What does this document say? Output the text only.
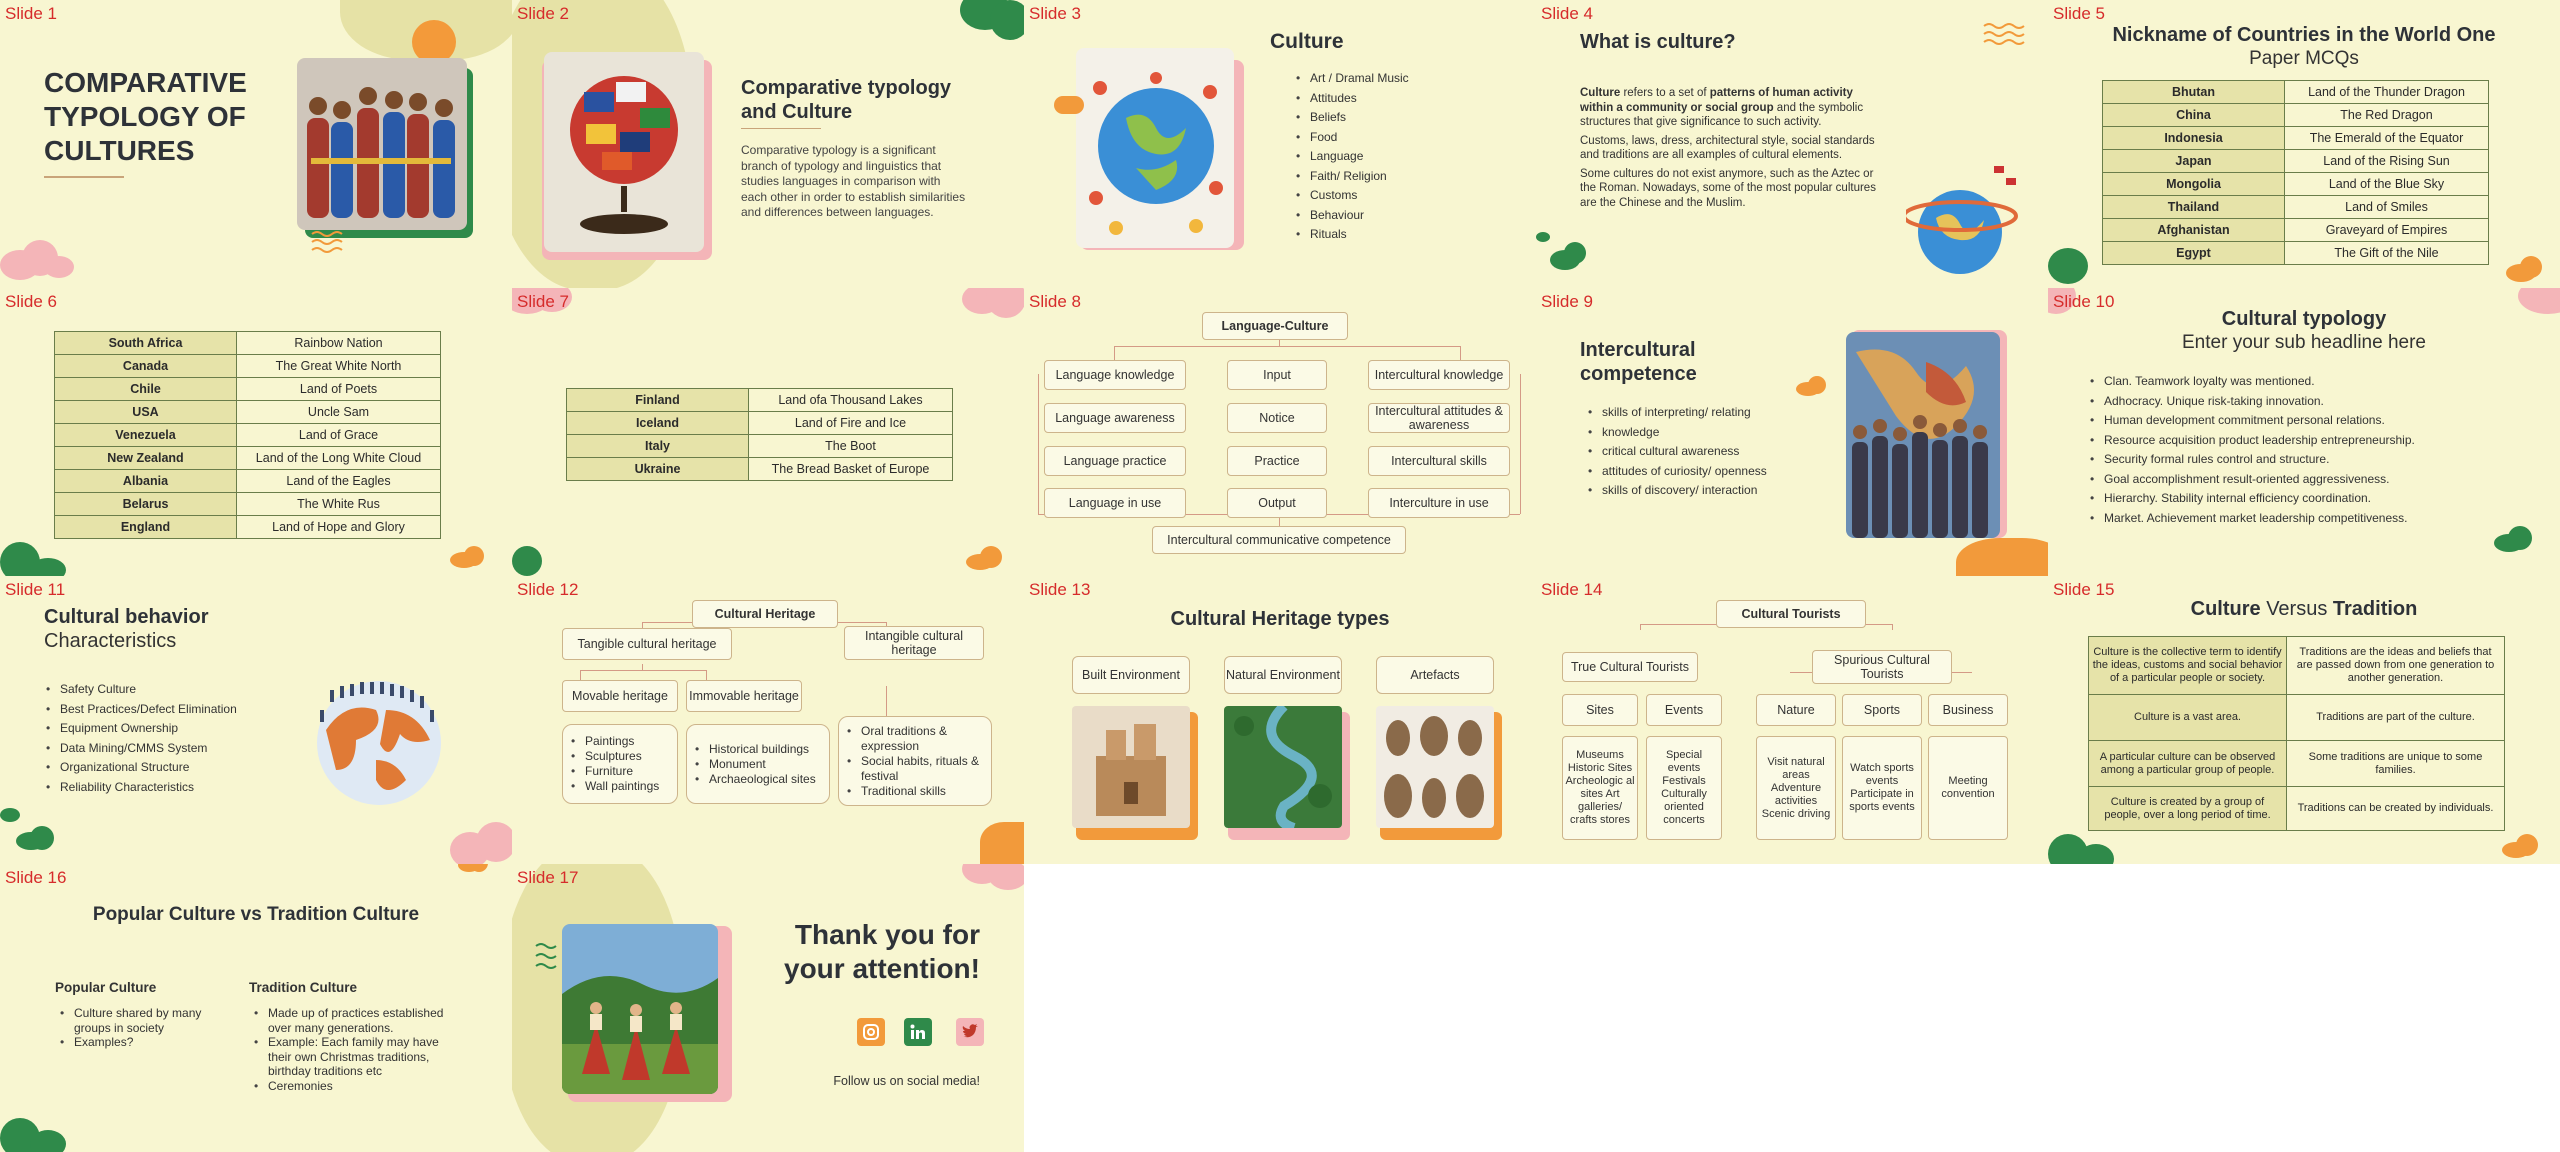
Slide 1
COMPARATIVE
TYPOLOGY OF
CULTURES
Slide 2
Comparative typology
and Culture
Comparative typology is a significant branch of typology and linguistics that studies languages in comparison with each other in order to establish similarities and differences between languages.
Slide 3
Culture
• Art / Dramal Music
• Attitudes
• Beliefs
• Food
• Language
• Faith/ Religion
• Customs
• Behaviour
• Rituals
Slide 4
What is culture?

Culture refers to a set of patterns of human activity within a community or social group and the symbolic structures that give significance to such activity.

Customs, laws, dress, architectural style, social standards and traditions are all examples of cultural elements.

Some cultures do not exist anymore, such as the Aztec or the Roman. Nowadays, some of the most popular cultures are the Chinese and the Muslim.

Slide 5
Nickname of Countries in the World One
Paper MCQs
Bhutan	Land of the Thunder Dragon
China	The Red Dragon
Indonesia	The Emerald of the Equator
Japan	Land of the Rising Sun
Mongolia	Land of the Blue Sky
Thailand	Land of Smiles
Afghanistan	Graveyard of Empires
Egypt	The Gift of the Nile
Slide 6
South Africa	Rainbow Nation
Canada	The Great White North
Chile	Land of Poets
USA	Uncle Sam
Venezuela	Land of Grace
New Zealand	Land of the Long White Cloud
Albania	Land of the Eagles
Belarus	The White Rus
England	Land of Hope and Glory
Slide 7
Finland	Land ofa Thousand Lakes
Iceland	Land of Fire and Ice
Italy	The Boot
Ukraine	The Bread Basket of Europe
Slide 8
Language-Culture
Language knowledge
Language awareness
Language practice
Language in use
Input
Notice
Practice
Output
Intercultural knowledge
Intercultural attitudes & awareness
Intercultural skills
Interculture in use
Intercultural communicative competence
Slide 9
Intercultural
competence
• skills of interpreting/ relating
• knowledge
• critical cultural awareness
• attitudes of curiosity/ openness
• skills of discovery/ interaction
Slide 10
Cultural typology
Enter your sub headline here
• Clan. Teamwork loyalty was mentioned.
• Adhocracy. Unique risk-taking innovation.
• Human development commitment personal relations.
• Resource acquisition product leadership entrepreneurship.
• Security formal rules control and structure.
• Goal accomplishment result-oriented aggressiveness.
• Hierarchy. Stability internal efficiency coordination.
• Market. Achievement market leadership competitiveness.
Slide 11
Cultural behavior
Characteristics
• Safety Culture
• Best Practices/Defect Elimination
• Equipment Ownership
• Data Mining/CMMS System
• Organizational Structure
• Reliability Characteristics
Slide 12
Cultural Heritage
Tangible cultural heritage
Intangible cultural heritage
Movable heritage	Immovable heritage
• Paintings
• Sculptures
• Furniture
• Wall paintings
• Historical buildings
• Monument
• Archaeological sites
• Oral traditions & expression
• Social habits, rituals & festival
• Traditional skills
Slide 13
Cultural Heritage types
Built Environment	Natural Environment	Artefacts
Slide 14
Cultural Tourists
True Cultural Tourists	Spurious Cultural Tourists
Sites	Events	Nature	Sports	Business
Museums Historic Sites Archeologic al sites Art galleries/ crafts stores
Special events Festivals Culturally oriented concerts
Visit natural areas Adventure activities Scenic driving
Watch sports events Participate in sports events
Meeting convention
Slide 15
Culture Versus Tradition
Culture is the collective term to identify the ideas, customs and social behavior of a particular people or society.	Traditions are the ideas and beliefs that are passed down from one generation to another generation.
Culture is a vast area.	Traditions are part of the culture.
A particular culture can be observed among a particular group of people.	Some traditions are unique to some families.
Culture is created by a group of people, over a long period of time.	Traditions can be created by individuals.
Slide 16
Popular Culture vs Tradition Culture
Popular Culture
• Culture shared by many groups in society
• Examples?
Tradition Culture
• Made up of practices established over many generations.
• Example: Each family may have their own Christmas traditions, birthday traditions etc
• Ceremonies
Slide 17
Thank you for
your attention!
Follow us on social media!
